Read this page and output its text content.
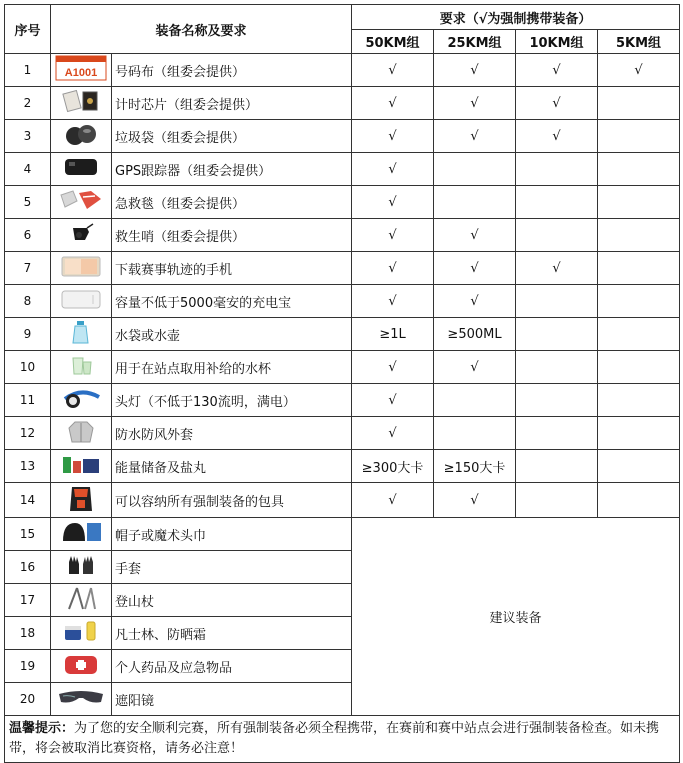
序号	装备名称及要求		要求（√为强制携带装备）			
			50KM组	25KM组	10KM组	5KM组
1	A1001	号码布（组委会提供）	√	√	√	√
2		计时芯片（组委会提供）	√	√	√	
3		垃圾袋（组委会提供）	√	√	√	
4		GPS跟踪器（组委会提供）	√			
5		急救毯（组委会提供）	√			
6		救生哨（组委会提供）	√	√		
7		下载赛事轨迹的手机	√	√	√	
8		容量不低于5000毫安的充电宝	√	√		
9		水袋或水壶	≥1L	≥500ML		
10		用于在站点取用补给的水杯	√	√		
11		头灯（不低于130流明，满电）	√			
12		防水防风外套	√			
13		能量储备及盐丸	≥300大卡	≥150大卡		
14		可以容纳所有强制装备的包具	√	√		
15		帽子或魔术头巾	建议装备			
16		手套				
17		登山杖				
18		凡士林、防晒霜				
19		个人药品及应急物品				
20		遮阳镜				
温馨提示：为了您的安全顺利完赛，所有强制装备必须全程携带，在赛前和赛中站点会进行强制装备检查。如未携带，将会被取消比赛资格，请务必注意！						
